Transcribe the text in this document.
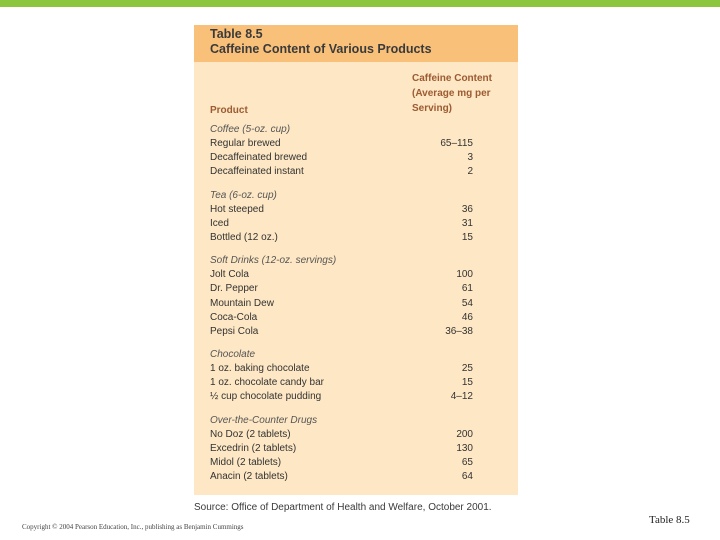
Table 8.5
Caffeine Content of Various Products
Product
Caffeine Content
(Average mg per
Serving)
Coffee (5-oz. cup)
Regular brewed	65–115
Decaffeinated brewed	3
Decaffeinated instant	2
Tea (6-oz. cup)
Hot steeped	36
Iced	31
Bottled (12 oz.)	15
Soft Drinks (12-oz. servings)
Jolt Cola	100
Dr. Pepper	61
Mountain Dew	54
Coca-Cola	46
Pepsi Cola	36–38
Chocolate
1 oz. baking chocolate	25
1 oz. chocolate candy bar	15
½ cup chocolate pudding	4–12
Over-the-Counter Drugs
No Doz (2 tablets)	200
Excedrin (2 tablets)	130
Midol (2 tablets)	65
Anacin (2 tablets)	64
Source: Office of Department of Health and Welfare, October 2001.
Copyright © 2004 Pearson Education, Inc., publishing as Benjamin Cummings
Table 8.5
